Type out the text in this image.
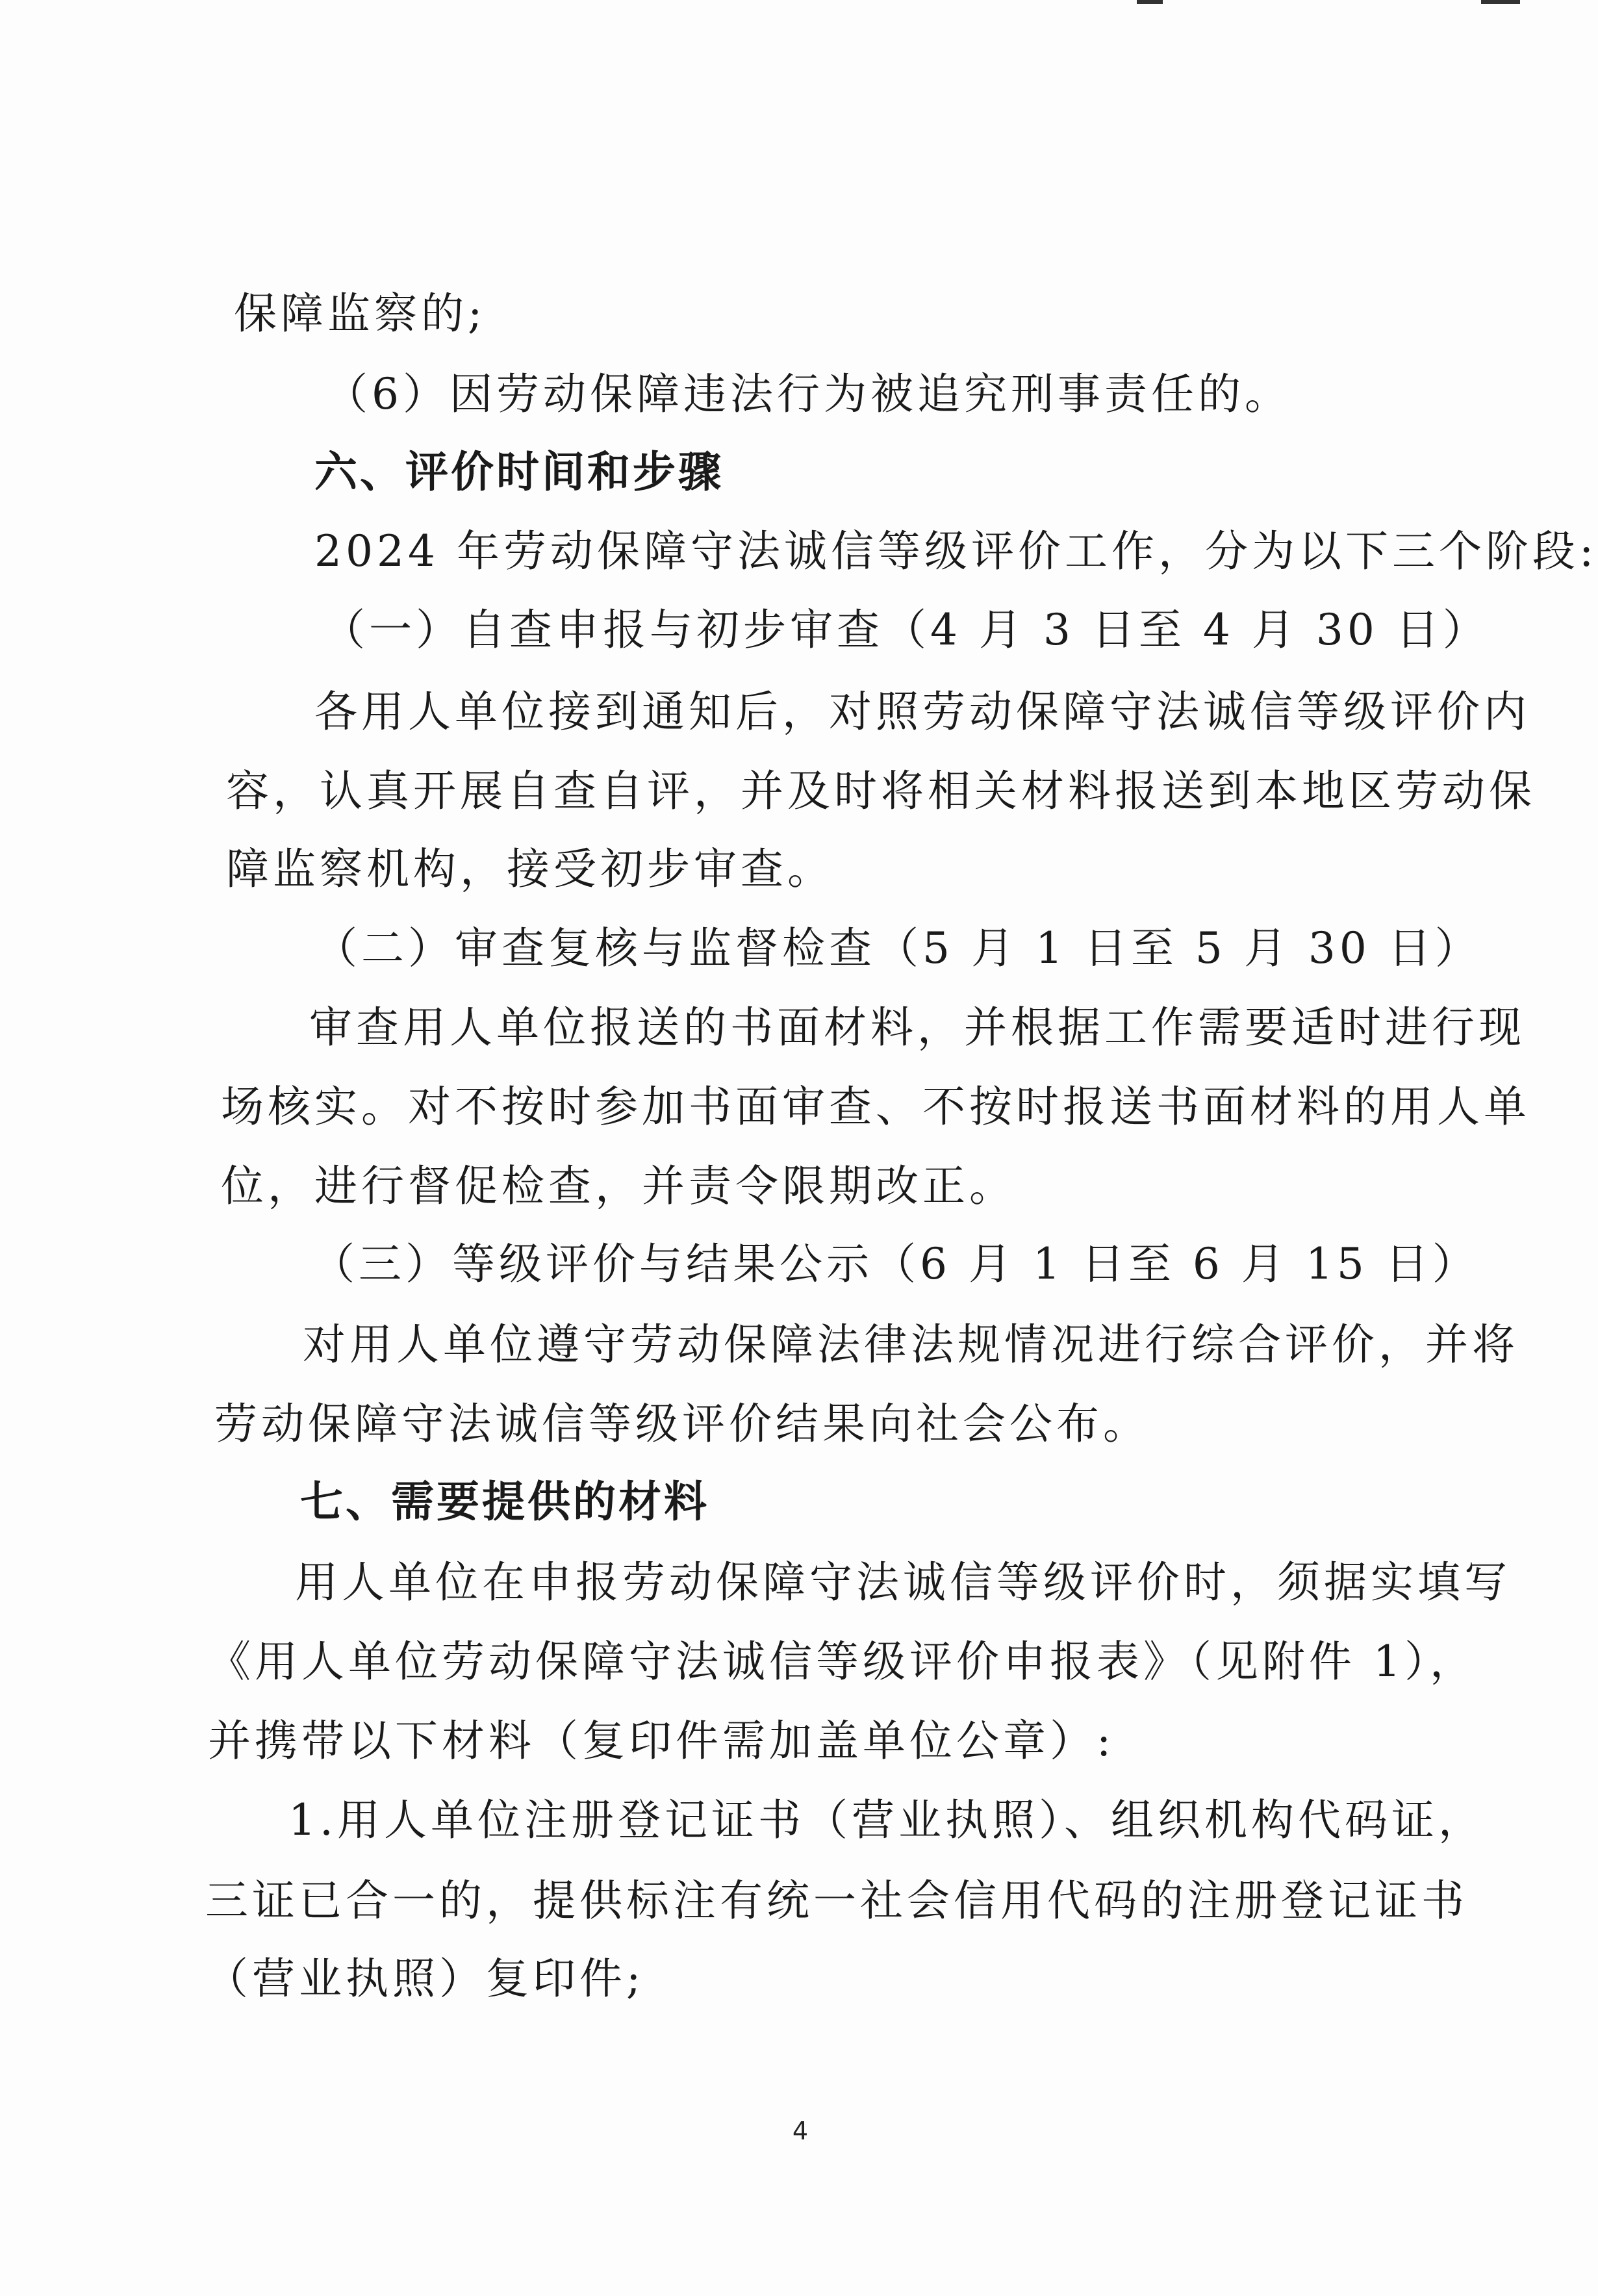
保障监察的;
（6）因劳动保障违法行为被追究刑事责任的。
六、评价时间和步骤
2024 年劳动保障守法诚信等级评价工作，分为以下三个阶段:
（一）自查申报与初步审查（4 月 3 日至 4 月 30 日）
各用人单位接到通知后，对照劳动保障守法诚信等级评价内
容，认真开展自查自评，并及时将相关材料报送到本地区劳动保
障监察机构，接受初步审查。
（二）审查复核与监督检查（5 月 1 日至 5 月 30 日）
审查用人单位报送的书面材料，并根据工作需要适时进行现
场核实。对不按时参加书面审查、不按时报送书面材料的用人单
位，进行督促检查，并责令限期改正。
（三）等级评价与结果公示（6 月 1 日至 6 月 15 日）
对用人单位遵守劳动保障法律法规情况进行综合评价，并将
劳动保障守法诚信等级评价结果向社会公布。
七、需要提供的材料
用人单位在申报劳动保障守法诚信等级评价时，须据实填写
《用人单位劳动保障守法诚信等级评价申报表》（见附件 1），
并携带以下材料（复印件需加盖单位公章）:
1.用人单位注册登记证书（营业执照）、组织机构代码证，
三证已合一的，提供标注有统一社会信用代码的注册登记证书
（营业执照）复印件;
4
